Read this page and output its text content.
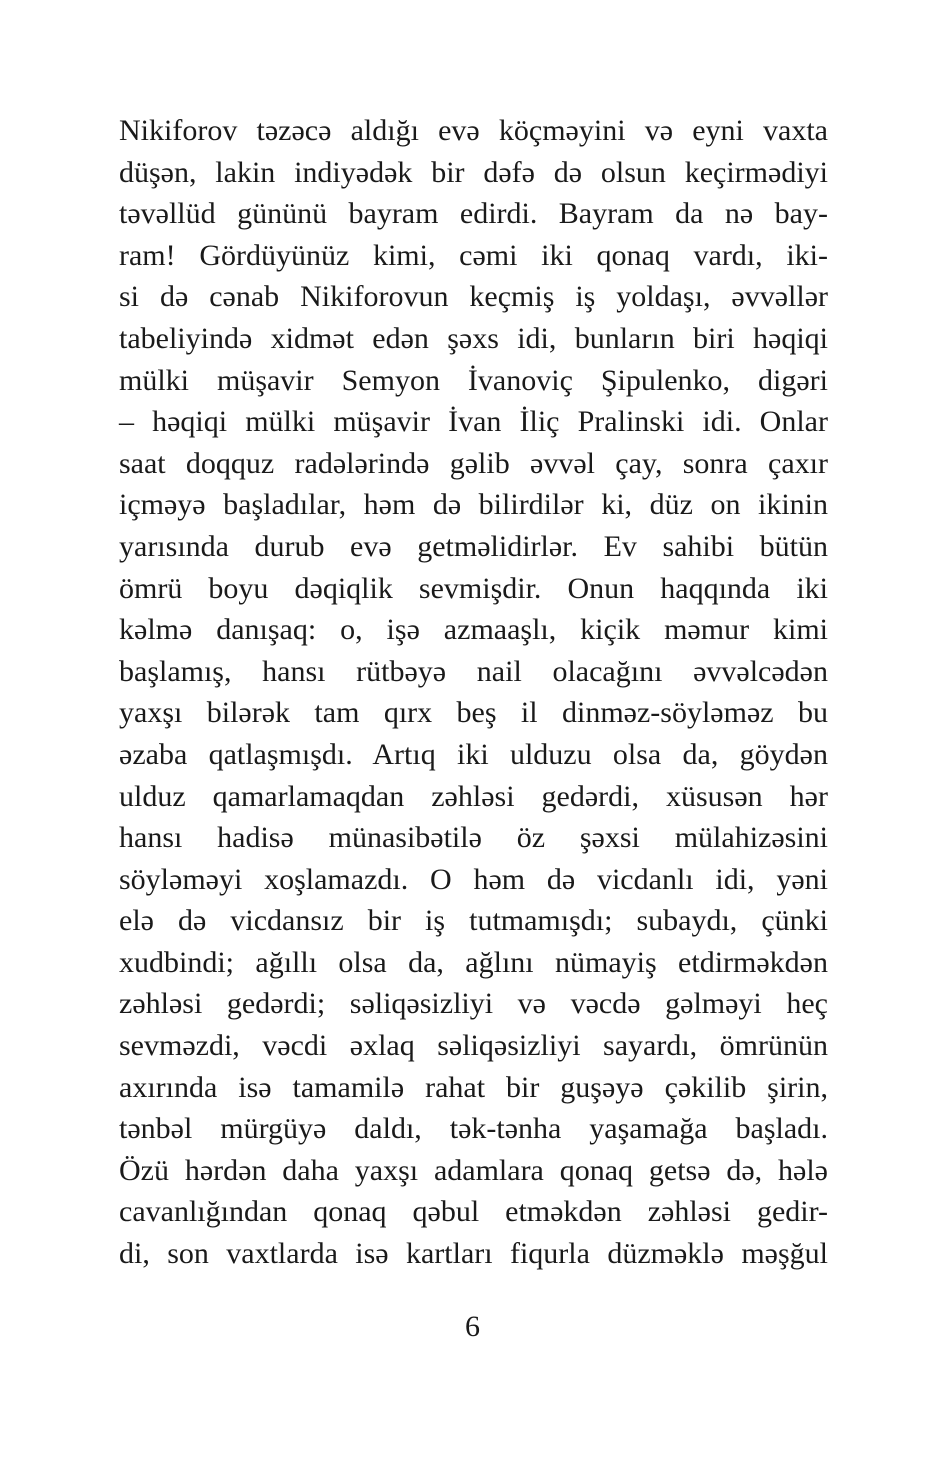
Nikiforov təzəcə aldığı evə köçməyini və eyni vaxta
düşən, lakin indiyədək bir dəfə də olsun keçirmədiyi
təvəllüd gününü bayram edirdi. Bayram da nə bay-
ram! Gördüyünüz kimi, cəmi iki qonaq vardı, iki-
si də cənab Nikiforovun keçmiş iş yoldaşı, əvvəllər
tabeliyində xidmət edən şəxs idi, bunların biri həqiqi
mülki müşavir Semyon İvanoviç Şipulenko, digəri
– həqiqi mülki müşavir İvan İliç Pralinski idi. Onlar
saat doqquz radələrində gəlib əvvəl çay, sonra çaxır
içməyə başladılar, həm də bilirdilər ki, düz on ikinin
yarısında durub evə getməlidirlər. Ev sahibi bütün
ömrü boyu dəqiqlik sevmişdir. Onun haqqında iki
kəlmə danışaq: o, işə azmaaşlı, kiçik məmur kimi
başlamış, hansı rütbəyə nail olacağını əvvəlcədən
yaxşı bilərək tam qırx beş il dinməz-söyləməz bu
əzaba qatlaşmışdı. Artıq iki ulduzu olsa da, göydən
ulduz qamarlamaqdan zəhləsi gedərdi, xüsusən hər
hansı hadisə münasibətilə öz şəxsi mülahizəsini
söyləməyi xoşlamazdı. O həm də vicdanlı idi, yəni
elə də vicdansız bir iş tutmamışdı; subaydı, çünki
xudbindi; ağıllı olsa da, ağlını nümayiş etdirməkdən
zəhləsi gedərdi; səliqəsizliyi və vəcdə gəlməyi heç
sevməzdi, vəcdi əxlaq səliqəsizliyi sayardı, ömrünün
axırında isə tamamilə rahat bir guşəyə çəkilib şirin,
tənbəl mürgüyə daldı, tək-tənha yaşamağa başladı.
Özü hərdən daha yaxşı adamlara qonaq getsə də, hələ
cavanlığından qonaq qəbul etməkdən zəhləsi gedir-
di, son vaxtlarda isə kartları fiqurla düzməklə məşğul
6
